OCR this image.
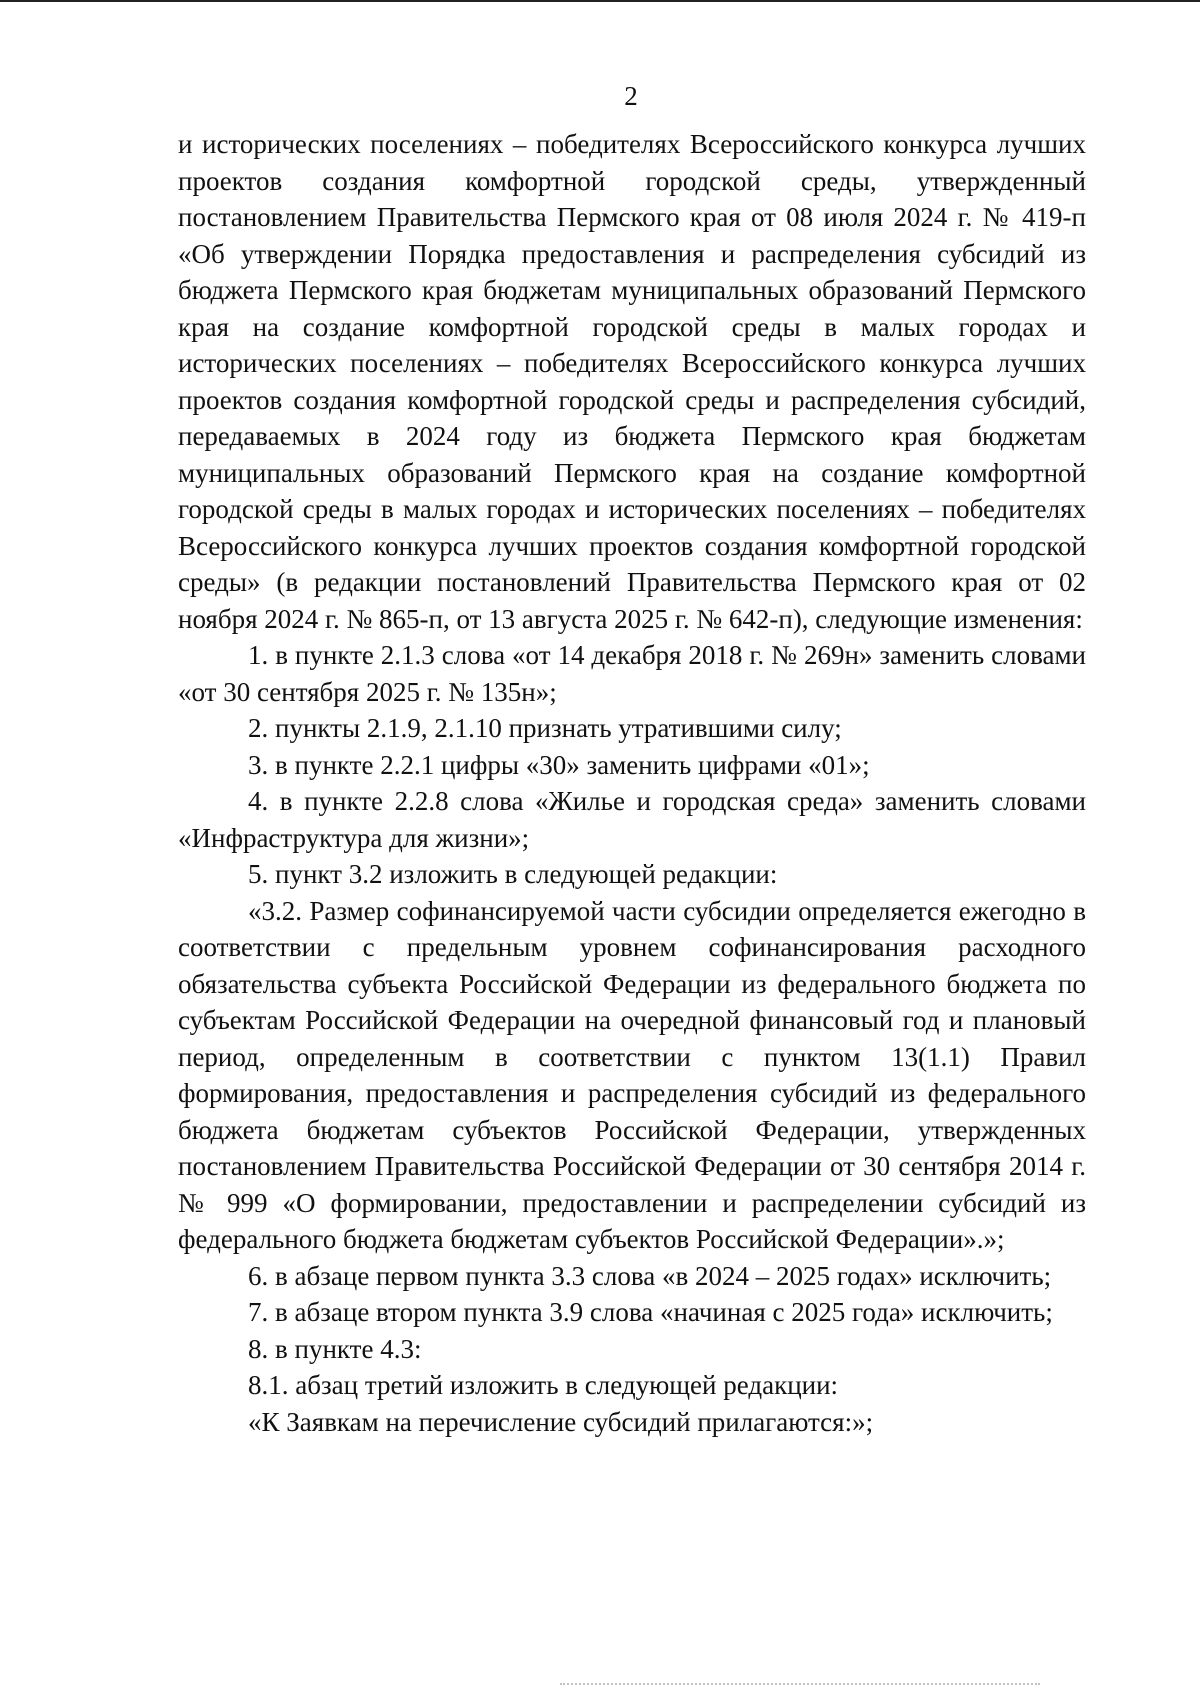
2

и исторических поселениях – победителях Всероссийского конкурса лучших проектов создания комфортной городской среды, утвержденный постановлением Правительства Пермского края от 08 июля 2024 г. № 419-п «Об утверждении Порядка предоставления и распределения субсидий из бюджета Пермского края бюджетам муниципальных образований Пермского края на создание комфортной городской среды в малых городах и исторических поселениях – победителях Всероссийского конкурса лучших проектов создания комфортной городской среды и распределения субсидий, передаваемых в 2024 году из бюджета Пермского края бюджетам муниципальных образований Пермского края на создание комфортной городской среды в малых городах и исторических поселениях – победителях Всероссийского конкурса лучших проектов создания комфортной городской среды» (в редакции постановлений Правительства Пермского края от 02 ноября 2024 г. № 865-п, от 13 августа 2025 г. № 642-п), следующие изменения:

1. в пункте 2.1.3 слова «от 14 декабря 2018 г. № 269н» заменить словами «от 30 сентября 2025 г. № 135н»;

2. пункты 2.1.9, 2.1.10 признать утратившими силу;

3. в пункте 2.2.1 цифры «30» заменить цифрами «01»;

4. в пункте 2.2.8 слова «Жилье и городская среда» заменить словами «Инфраструктура для жизни»;

5. пункт 3.2 изложить в следующей редакции:

«3.2. Размер софинансируемой части субсидии определяется ежегодно в соответствии с предельным уровнем софинансирования расходного обязательства субъекта Российской Федерации из федерального бюджета по субъектам Российской Федерации на очередной финансовый год и плановый период, определенным в соответствии с пунктом 13(1.1) Правил формирования, предоставления и распределения субсидий из федерального бюджета бюджетам субъектов Российской Федерации, утвержденных постановлением Правительства Российской Федерации от 30 сентября 2014 г. № 999 «О формировании, предоставлении и распределении субсидий из федерального бюджета бюджетам субъектов Российской Федерации».»;

6. в абзаце первом пункта 3.3 слова «в 2024 – 2025 годах» исключить;

7. в абзаце втором пункта 3.9 слова «начиная с 2025 года» исключить;

8. в пункте 4.3:

8.1. абзац третий изложить в следующей редакции:

«К Заявкам на перечисление субсидий прилагаются:»;
